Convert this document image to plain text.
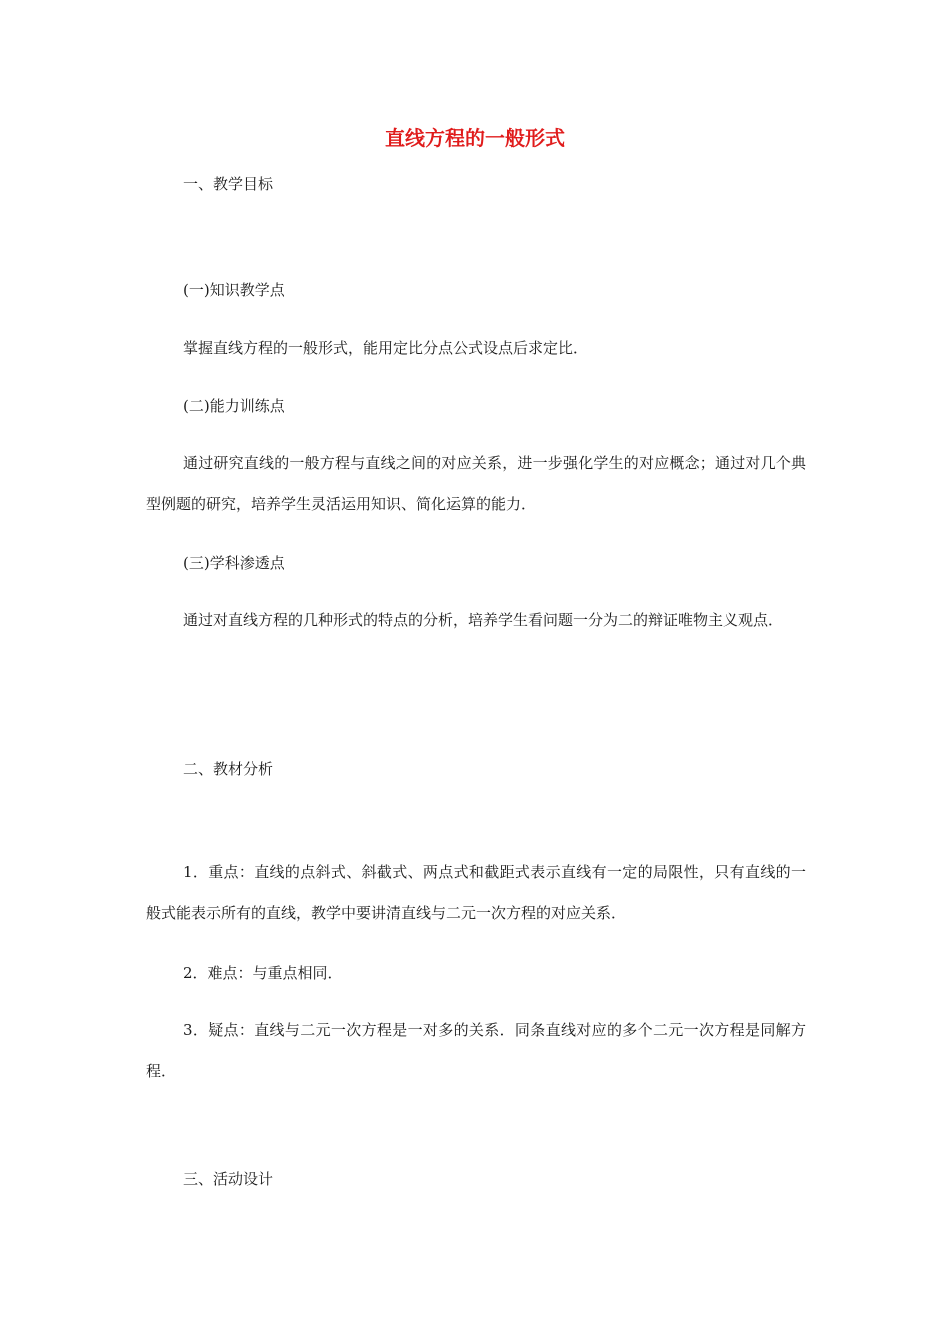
直线方程的一般形式

一、教学目标

(一)知识教学点

掌握直线方程的一般形式，能用定比分点公式设点后求定比．

(二)能力训练点

通过研究直线的一般方程与直线之间的对应关系，进一步强化学生的对应概念；通过对几个典型例题的研究，培养学生灵活运用知识、简化运算的能力．

(三)学科渗透点

通过对直线方程的几种形式的特点的分析，培养学生看问题一分为二的辩证唯物主义观点．

二、教材分析

1．重点：直线的点斜式、斜截式、两点式和截距式表示直线有一定的局限性，只有直线的一般式能表示所有的直线，教学中要讲清直线与二元一次方程的对应关系．

2．难点：与重点相同．

3．疑点：直线与二元一次方程是一对多的关系．同条直线对应的多个二元一次方程是同解方程．

三、活动设计
